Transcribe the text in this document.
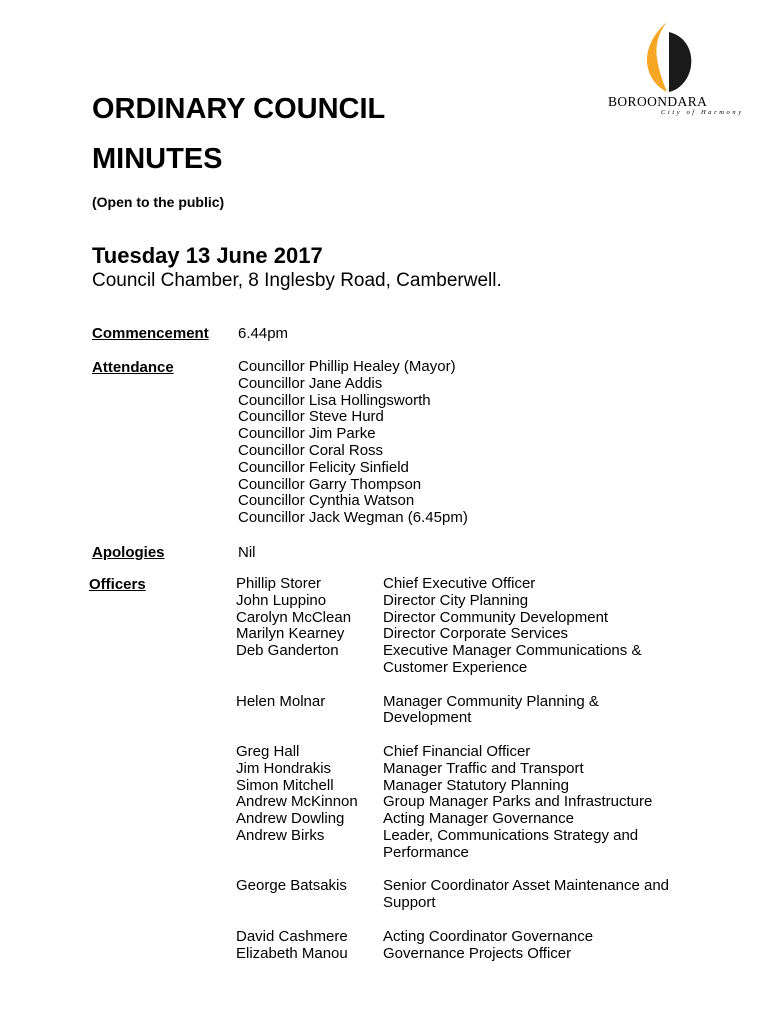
BOROONDARA
City of Harmony
ORDINARY COUNCIL
MINUTES
(Open to the public)
Tuesday 13 June 2017
Council Chamber, 8 Inglesby Road, Camberwell.
Commencement 6.44pm
Attendance	Councillor Phillip Healey (Mayor)
Councillor Jane Addis
Councillor Lisa Hollingsworth
Councillor Steve Hurd
Councillor Jim Parke
Councillor Coral Ross
Councillor Felicity Sinfield
Councillor Garry Thompson
Councillor Cynthia Watson
Councillor Jack Wegman (6.45pm)
Apologies	Nil
Officers	Phillip Storer	Chief Executive Officer
John Luppino	Director City Planning
Carolyn McClean	Director Community Development
Marilyn Kearney	Director Corporate Services
Deb Ganderton	Executive Manager Communications & Customer Experience
Helen Molnar	Manager Community Planning & Development
Greg Hall	Chief Financial Officer
Jim Hondrakis	Manager Traffic and Transport
Simon Mitchell	Manager Statutory Planning
Andrew McKinnon	Group Manager Parks and Infrastructure
Andrew Dowling	Acting Manager Governance
Andrew Birks	Leader, Communications Strategy and Performance
George Batsakis	Senior Coordinator Asset Maintenance and Support
David Cashmere	Acting Coordinator Governance
Elizabeth Manou	Governance Projects Officer
